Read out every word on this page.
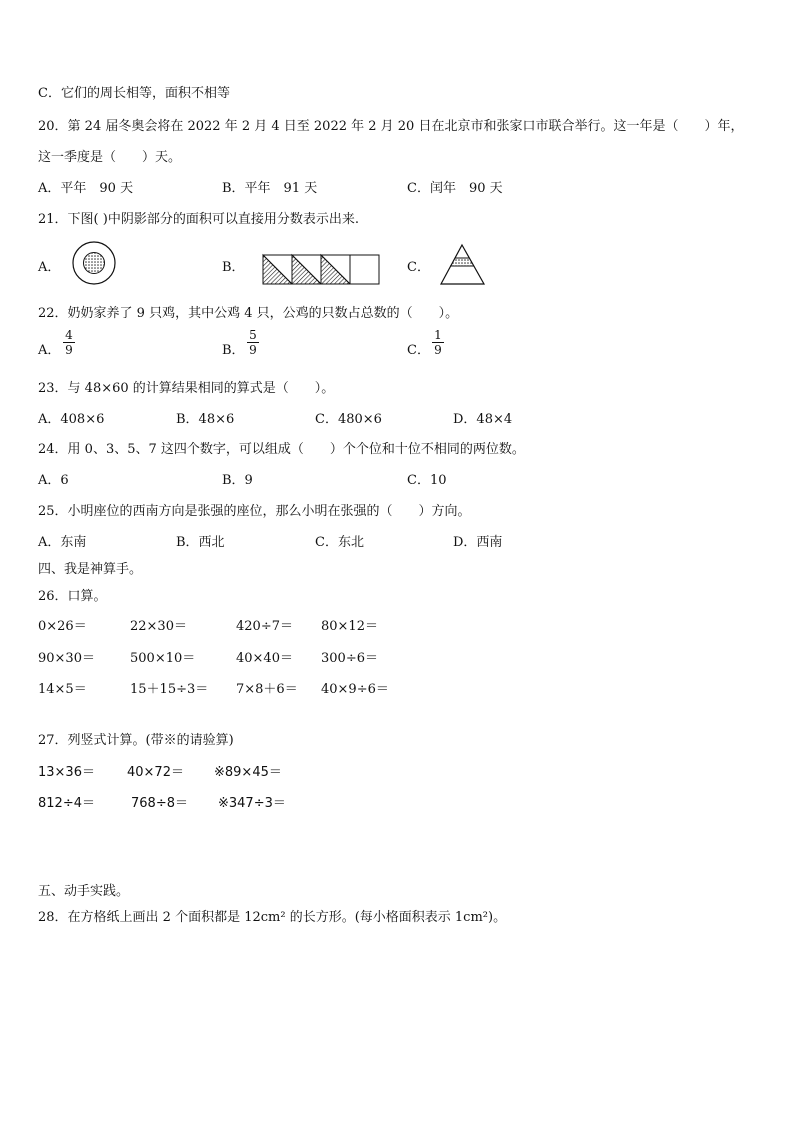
C．它们的周长相等，面积不相等
20．第 24 届冬奥会将在 2022 年 2 月 4 日至 2022 年 2 月 20 日在北京市和张家口市联合举行。这一年是（　　）年，
这一季度是（　　）天。
A．平年　90 天	B．平年　91 天	C．闰年　90 天
21．下图( )中阴影部分的面积可以直接用分数表示出来.
A．	B．	C．
22．奶奶家养了 9 只鸡，其中公鸡 4 只，公鸡的只数占总数的（　　）。
A． $\frac{4}{9}$	B． $\frac{5}{9}$	C． $\frac{1}{9}$
23．与 48×60 的计算结果相同的算式是（　　）。
A．408×6	B．48×6	C．480×6	D．48×4
24．用 0、3、5、7 这四个数字，可以组成（　　）个个位和十位不相同的两位数。
A．6	B．9	C．10
25．小明座位的西南方向是张强的座位，那么小明在张强的（　　）方向。
A．东南	B．西北	C．东北	D．西南
四、我是神算手。
26．口算。
0×26＝	22×30＝	420÷7＝ 80×12＝
90×30＝	500×10＝	40×40＝ 300÷6＝
14×5＝	15＋15÷3＝ 7×8＋6＝ 40×9÷6＝
27．列竖式计算。(带※的请验算)
13×36＝ 40×72＝ ※89×45＝
812÷4＝	768÷8＝ ※347÷3＝
五、动手实践。
28．在方格纸上画出 2 个面积都是 12cm² 的长方形。(每小格面积表示 1cm²)。
